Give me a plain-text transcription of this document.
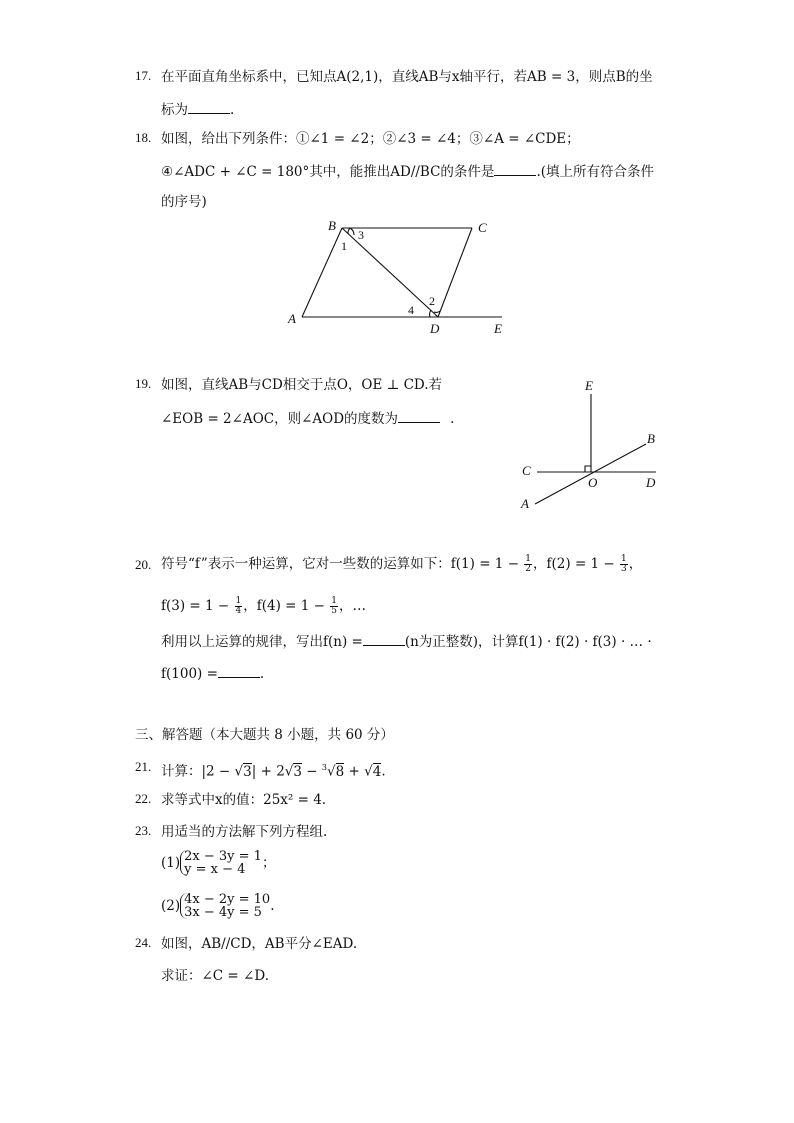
17. 在平面直角坐标系中，已知点A(2,1)，直线AB与x轴平行，若AB = 3，则点B的坐
标为	.
18. 如图，给出下列条件：①∠1 = ∠2；②∠3 = ∠4；③∠A = ∠CDE；
④∠ADC + ∠C = 180°其中，能推出AD//BC的条件是	.(填上所有符合条件
的序号)
B	C
A
D	E
1
3
4
2
19. 如图，直线AB与CD相交于点O，OE ⊥ CD.若
∠EOB = 2∠AOC，则∠AOD的度数为	.
E
B
C
O	D
A
20. 符号“f”表示一种运算，它对一些数的运算如下：$f(1) = 1 - \frac{1}{2}$ ，$f(2) = 1 - \frac{1}{3}$ ，
$f(3) = 1 - \frac{1}{4}$ ，$f(4) = 1 - \frac{1}{5}$ ，…
利用以上运算的规律，写出f(n) =	(n为正整数)，计算f(1) · f(2) · f(3) · … ·
f(100) =	.
三、解答题（本大题共 8 小题，共 60 分）
21. 计算：|2 − √3| + 2√3 − $^3$√8 + √4.
22. 求等式中x的值：25x² = 4.
23. 用适当的方法解下列方程组.
(1) 2x − 3y = 1
y = x − 4	；
(2) 4x − 2y = 10
3x − 4y = 5 .
24. 如图，AB//CD，AB平分∠EAD.
求证：∠C = ∠D.
